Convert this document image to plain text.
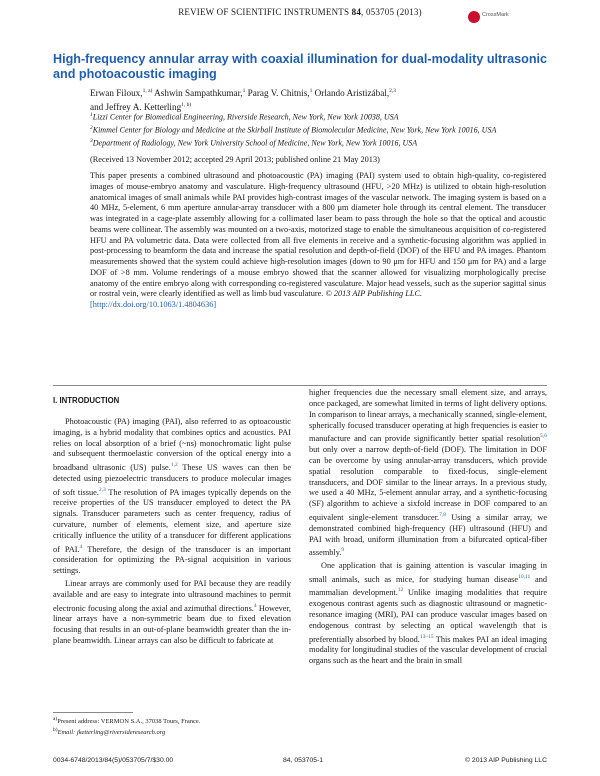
REVIEW OF SCIENTIFIC INSTRUMENTS 84, 053705 (2013)	CrossMark
High-frequency annular array with coaxial illumination for dual-modality ultrasonic and photoacoustic imaging
Erwan Filoux,$^{1, a)}$ Ashwin Sampathkumar,$^1$ Parag V. Chitnis,$^1$ Orlando Aristizábal,$^{2,3}$
and Jeffrey A. Ketterling$^{1, b)}$
$^1$Lizzi Center for Biomedical Engineering, Riverside Research, New York, New York 10038, USA
$^2$Kimmel Center for Biology and Medicine at the Skirball Institute of Biomolecular Medicine, New York, New York 10016, USA
$^3$Department of Radiology, New York University School of Medicine, New York, New York 10016, USA
(Received 13 November 2012; accepted 29 April 2013; published online 21 May 2013)
This paper presents a combined ultrasound and photoacoustic (PA) imaging (PAI) system used to obtain high-quality, co-registered images of mouse-embryo anatomy and vasculature. High-frequency ultrasound (HFU, >20 MHz) is utilized to obtain high-resolution anatomical images of small animals while PAI provides high-contrast images of the vascular network. The imaging system is based on a 40 MHz, 5-element, 6 mm aperture annular-array transducer with a 800 μm diameter hole through its central element. The transducer was integrated in a cage-plate assembly allowing for a collimated laser beam to pass through the hole so that the optical and acoustic beams were collinear. The assembly was mounted on a two-axis, motorized stage to enable the simultaneous acquisition of co-registered HFU and PA volumetric data. Data were collected from all five elements in receive and a synthetic-focusing algorithm was applied in post-processing to beamform the data and increase the spatial resolution and depth-of-field (DOF) of the HFU and PA images. Phantom measurements showed that the system could achieve high-resolution images (down to 90 μm for HFU and 150 μm for PA) and a large DOF of >8 mm. Volume renderings of a mouse embryo showed that the scanner allowed for visualizing morphologically precise anatomy of the entire embryo along with corresponding co-registered vasculature. Major head vessels, such as the superior sagittal sinus or rostral vein, were clearly identified as well as limb bud vasculature. © 2013 AIP Publishing LLC.
[http://dx.doi.org/10.1063/1.4804636]
I. INTRODUCTION

Photoacoustic (PA) imaging (PAI), also referred to as optoacoustic imaging, is a hybrid modality that combines optics and acoustics. PAI relies on local absorption of a brief (~ns) monochromatic light pulse and subsequent thermoelastic conversion of the optical energy into a broadband ultrasonic (US) pulse.$^{1,2}$ These US waves can then be detected using piezoelectric transducers to produce molecular images of soft tissue.$^{2,3}$ The resolution of PA images typically depends on the receive properties of the US transducer employed to detect the PA signals. Transducer parameters such as center frequency, radius of curvature, number of elements, element size, and aperture size critically influence the utility of a transducer for different applications of PAI.$^4$ Therefore, the design of the transducer is an important consideration for optimizing the PA-signal acquisition in various settings.

Linear arrays are commonly used for PAI because they are readily available and are easy to integrate into ultrasound machines to permit electronic focusing along the axial and azimuthal directions.$^4$ However, linear arrays have a non-symmetric beam due to fixed elevation focusing that results in an out-of-plane beamwidth greater than the in-plane beamwidth. Linear arrays can also be difficult to fabricate at

higher frequencies due the necessary small element size, and arrays, once packaged, are somewhat limited in terms of light delivery options. In comparison to linear arrays, a mechanically scanned, single-element, spherically focused transducer operating at high frequencies is easier to manufacture and can provide significantly better spatial resolution$^{5,6}$ but only over a narrow depth-of-field (DOF). The limitation in DOF can be overcome by using annular-array transducers, which provide spatial resolution comparable to fixed-focus, single-element transducers, and DOF similar to the linear arrays. In a previous study, we used a 40 MHz, 5-element annular array, and a synthetic-focusing (SF) algorithm to achieve a sixfold increase in DOF compared to an equivalent single-element transducer.$^{7,8}$ Using a similar array, we demonstrated combined high-frequency (HF) ultrasound (HFU) and PAI with broad, uniform illumination from a bifurcated optical-fiber assembly.$^9$

One application that is gaining attention is vascular imaging in small animals, such as mice, for studying human disease$^{10,11}$ and mammalian development.$^{12}$ Unlike imaging modalities that require exogenous contrast agents such as diagnostic ultrasound or magnetic-resonance imaging (MRI), PAI can produce vascular images based on endogenous contrast by selecting an optical wavelength that is preferentially absorbed by blood.$^{13-15}$ This makes PAI an ideal imaging modality for longitudinal studies of the vascular development of crucial organs such as the heart and the brain in small

$^{a)}$Present address: VERMON S.A., 37038 Tours, France.
$^{b)}$Email: jketterling@riversideresearch.org
0034-6748/2013/84(5)/053705/7/$30.00	84, 053705-1	© 2013 AIP Publishing LLC
